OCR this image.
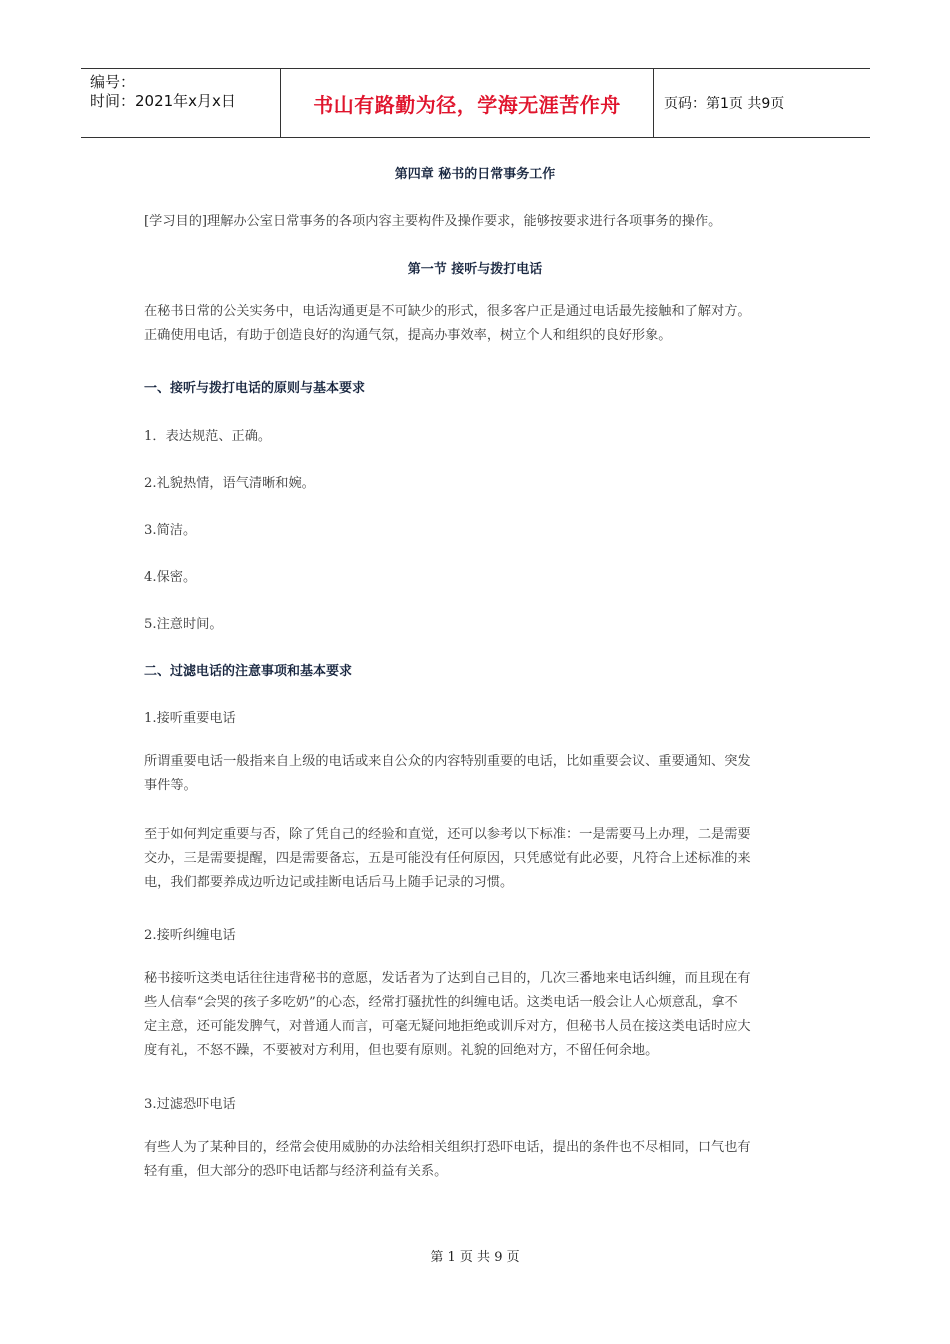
编号：
时间：2021年x月x日	书山有路勤为径，学海无涯苦作舟	页码：第1页 共9页
第四章 秘书的日常事务工作
[学习目的]理解办公室日常事务的各项内容主要构件及操作要求，能够按要求进行各项事务的操作。
第一节 接听与拨打电话

在秘书日常的公关实务中，电话沟通更是不可缺少的形式，很多客户正是通过电话最先接触和了解对方。

正确使用电话，有助于创造良好的沟通气氛，提高办事效率，树立个人和组织的良好形象。

一、接听与拨打电话的原则与基本要求
1．表达规范、正确。
2.礼貌热情，语气清晰和婉。
3.简洁。
4.保密。
5.注意时间。
二、过滤电话的注意事项和基本要求
1.接听重要电话

所谓重要电话一般指来自上级的电话或来自公众的内容特别重要的电话，比如重要会议、重要通知、突发

事件等。

至于如何判定重要与否，除了凭自己的经验和直觉，还可以参考以下标准：一是需要马上办理，二是需要

交办，三是需要提醒，四是需要备忘，五是可能没有任何原因，只凭感觉有此必要，凡符合上述标准的来

电，我们都要养成边听边记或挂断电话后马上随手记录的习惯。

2.接听纠缠电话

秘书接听这类电话往往违背秘书的意愿，发话者为了达到自己目的，几次三番地来电话纠缠，而且现在有

些人信奉“会哭的孩子多吃奶”的心态，经常打骚扰性的纠缠电话。这类电话一般会让人心烦意乱，拿不

定主意，还可能发脾气，对普通人而言，可毫无疑问地拒绝或训斥对方，但秘书人员在接这类电话时应大

度有礼，不怒不躁，不要被对方利用，但也要有原则。礼貌的回绝对方，不留任何余地。

3.过滤恐吓电话

有些人为了某种目的，经常会使用威胁的办法给相关组织打恐吓电话，提出的条件也不尽相同，口气也有

轻有重，但大部分的恐吓电话都与经济利益有关系。

第 1 页 共 9 页
